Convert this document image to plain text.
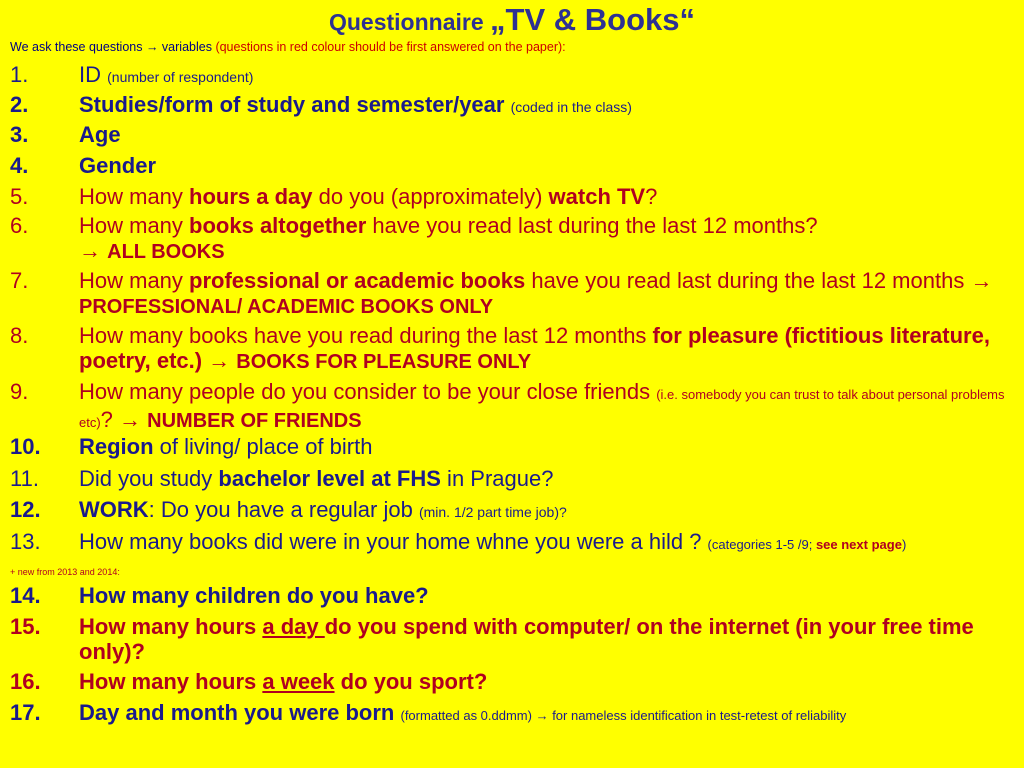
Questionnaire „TV & Books“
We ask these questions → variables (questions in red colour should be first answered on the paper):
1.	ID (number of respondent)
2.	Studies/form of study and semester/year (coded in the class)
3.	Age
4.	Gender
5.	How many hours a day do you (approximately) watch TV?
6.	How many books altogether have you read last during the last 12 months?
→ ALL BOOKS
7.	How many professional or academic books have you read last during the last 12 months → PROFESSIONAL/ ACADEMIC BOOKS ONLY
8.	How many books have you read during the last 12 months for pleasure (fictitious literature, poetry, etc.) → BOOKS FOR PLEASURE ONLY
9.	How many people do you consider to be your close friends (i.e. somebody you can trust to talk about personal problems etc)? → NUMBER OF FRIENDS
10.	Region of living/ place of birth
11.	Did you study bachelor level at FHS in Prague?
12.	WORK: Do you have a regular job (min. 1/2 part time job)?
13.	How many books did were in your home whne you were a hild ? (categories 1-5 /9; see next page)
+ new from 2013 and 2014:
14.	How many children do you have?
15.	How many hours a day do you spend with computer/ on the internet (in your free time only)?
16.	How many hours a week do you sport?
17.	Day and month you were born (formatted as 0.ddmm) → for nameless identification in test-retest of reliability
